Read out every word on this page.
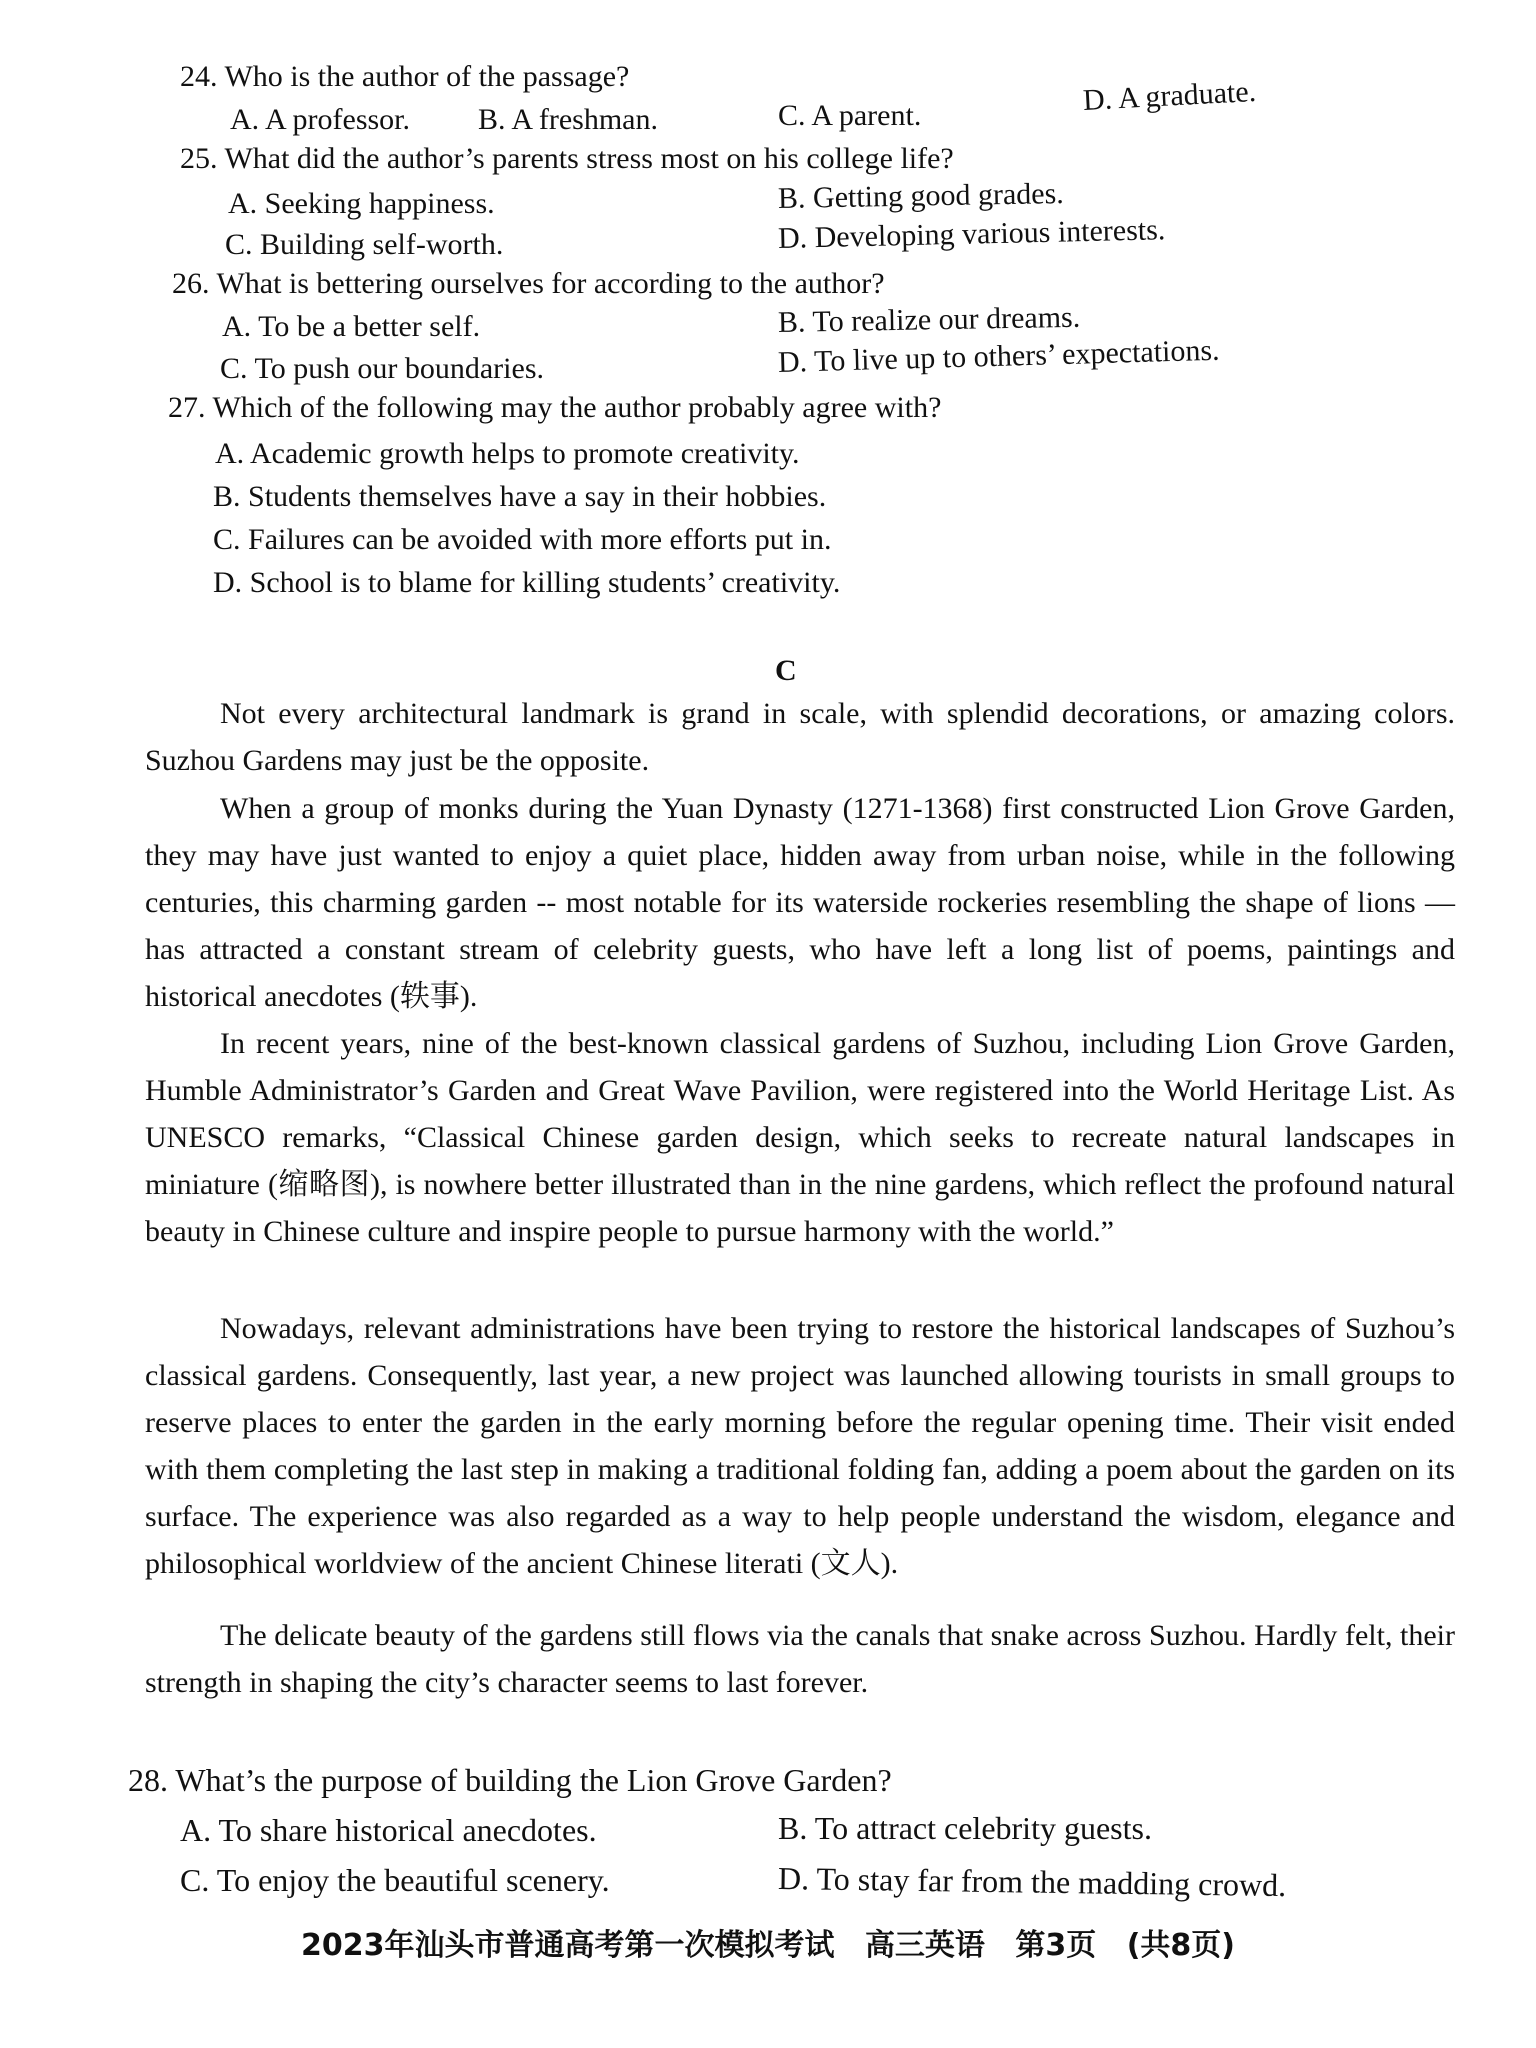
24. Who is the author of the passage?
A. A professor. B. A freshman.	C. A parent.	D. A graduate.
25. What did the author’s parents stress most on his college life?
A. Seeking happiness.	B. Getting good grades.
C. Building self-worth.	D. Developing various interests.
26. What is bettering ourselves for according to the author?
A. To be a better self.	B. To realize our dreams.
C. To push our boundaries.	D. To live up to others’ expectations.
27. Which of the following may the author probably agree with?
A. Academic growth helps to promote creativity.
B. Students themselves have a say in their hobbies.
C. Failures can be avoided with more efforts put in.
D. School is to blame for killing students’ creativity.
C
Not every architectural landmark is grand in scale, with splendid decorations, or amazing colors. Suzhou Gardens may just be the opposite.
When a group of monks during the Yuan Dynasty (1271-1368) first constructed Lion Grove Garden, they may have just wanted to enjoy a quiet place, hidden away from urban noise, while in the following centuries, this charming garden -- most notable for its waterside rockeries resembling the shape of lions — has attracted a constant stream of celebrity guests, who have left a long list of poems, paintings and historical anecdotes (轶事).
In recent years, nine of the best-known classical gardens of Suzhou, including Lion Grove Garden, Humble Administrator’s Garden and Great Wave Pavilion, were registered into the World Heritage List. As UNESCO remarks, “Classical Chinese garden design, which seeks to recreate natural landscapes in miniature (缩略图), is nowhere better illustrated than in the nine gardens, which reflect the profound natural beauty in Chinese culture and inspire people to pursue harmony with the world.”
Nowadays, relevant administrations have been trying to restore the historical landscapes of Suzhou’s classical gardens. Consequently, last year, a new project was launched allowing tourists in small groups to reserve places to enter the garden in the early morning before the regular opening time. Their visit ended with them completing the last step in making a traditional folding fan, adding a poem about the garden on its surface. The experience was also regarded as a way to help people understand the wisdom, elegance and philosophical worldview of the ancient Chinese literati (文人).
The delicate beauty of the gardens still flows via the canals that snake across Suzhou. Hardly felt, their strength in shaping the city’s character seems to last forever.
28. What’s the purpose of building the Lion Grove Garden?
A. To share historical anecdotes.	B. To attract celebrity guests.
C. To enjoy the beautiful scenery.	D. To stay far from the madding crowd.
2023年汕头市普通高考第一次模拟考试 高三英语 第3页 (共8页)
